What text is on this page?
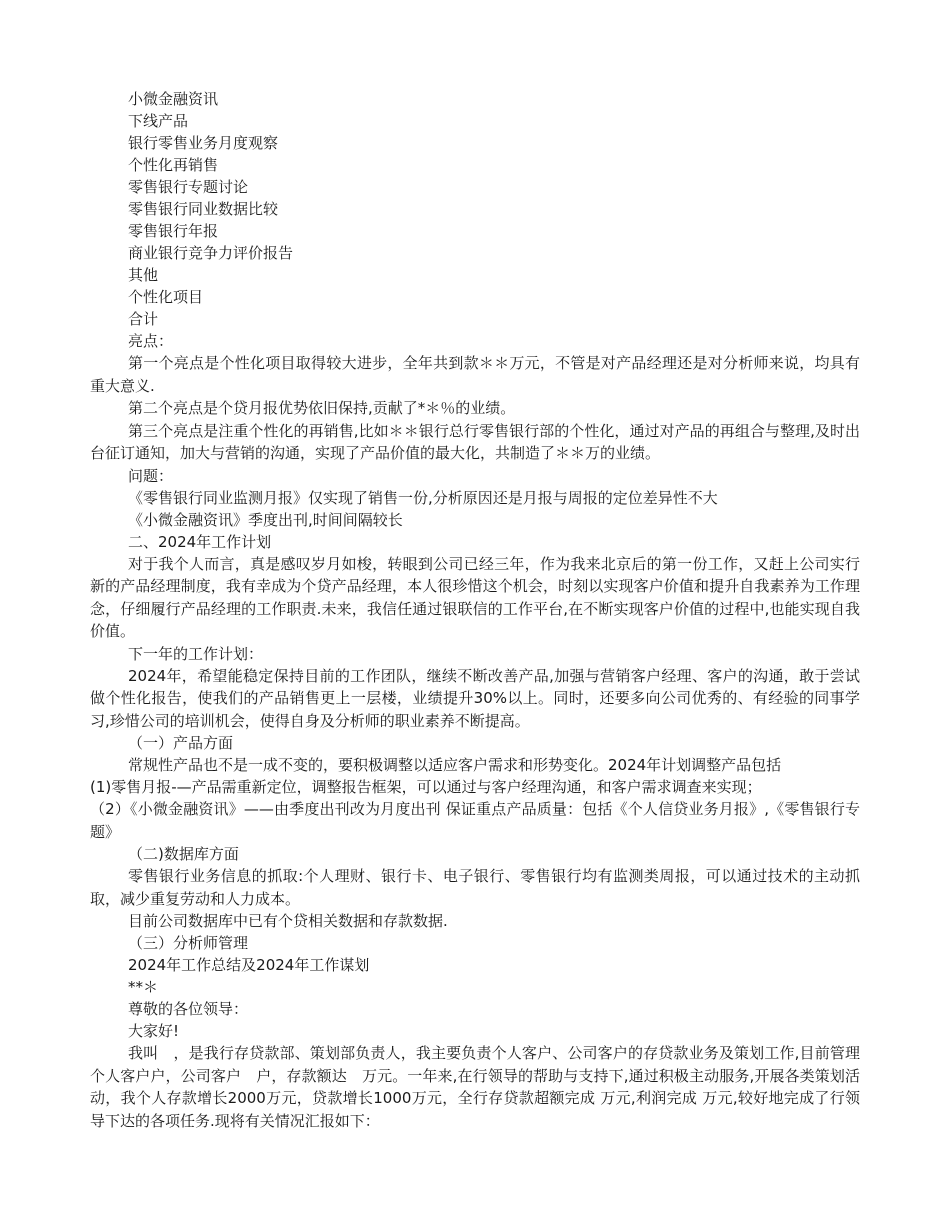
小微金融资讯
下线产品
银行零售业务月度观察
个性化再销售
零售银行专题讨论
零售银行同业数据比较
零售银行年报
商业银行竞争力评价报告
其他
个性化项目
合计
亮点：
第一个亮点是个性化项目取得较大进步，全年共到款＊＊万元，不管是对产品经理还是对分析师来说，均具有重大意义.
第二个亮点是个贷月报优势依旧保持,贡献了*＊％的业绩。
第三个亮点是注重个性化的再销售,比如＊＊银行总行零售银行部的个性化，通过对产品的再组合与整理,及时出台征订通知，加大与营销的沟通，实现了产品价值的最大化，共制造了＊＊万的业绩。
问题：
《零售银行同业监测月报》仅实现了销售一份,分析原因还是月报与周报的定位差异性不大
《小微金融资讯》季度出刊,时间间隔较长
二、2024年工作计划
对于我个人而言，真是感叹岁月如梭，转眼到公司已经三年，作为我来北京后的第一份工作，又赶上公司实行新的产品经理制度，我有幸成为个贷产品经理，本人很珍惜这个机会，时刻以实现客户价值和提升自我素养为工作理念，仔细履行产品经理的工作职责.未来，我信任通过银联信的工作平台,在不断实现客户价值的过程中,也能实现自我价值。
下一年的工作计划：
2024年，希望能稳定保持目前的工作团队，继续不断改善产品,加强与营销客户经理、客户的沟通，敢于尝试做个性化报告，使我们的产品销售更上一层楼，业绩提升30%以上。同时，还要多向公司优秀的、有经验的同事学习,珍惜公司的培训机会，使得自身及分析师的职业素养不断提高。
（一）产品方面
常规性产品也不是一成不变的，要积极调整以适应客户需求和形势变化。2024年计划调整产品包括
(1)零售月报-—产品需重新定位，调整报告框架，可以通过与客户经理沟通，和客户需求调查来实现；
（2）《小微金融资讯》——由季度出刊改为月度出刊 保证重点产品质量：包括《个人信贷业务月报》,《零售银行专题》
（二)数据库方面
零售银行业务信息的抓取:个人理财、银行卡、电子银行、零售银行均有监测类周报，可以通过技术的主动抓取，减少重复劳动和人力成本。
目前公司数据库中已有个贷相关数据和存款数据.
（三）分析师管理
2024年工作总结及2024年工作谋划
**＊
尊敬的各位领导：
大家好!
我叫　，是我行存贷款部、策划部负责人，我主要负责个人客户、公司客户的存贷款业务及策划工作,目前管理个人客户户，公司客户　户，存款额达　万元。一年来,在行领导的帮助与支持下,通过积极主动服务,开展各类策划活动，我个人存款增长2000万元，贷款增长1000万元，全行存贷款超额完成 万元,利润完成 万元,较好地完成了行领导下达的各项任务.现将有关情况汇报如下：
